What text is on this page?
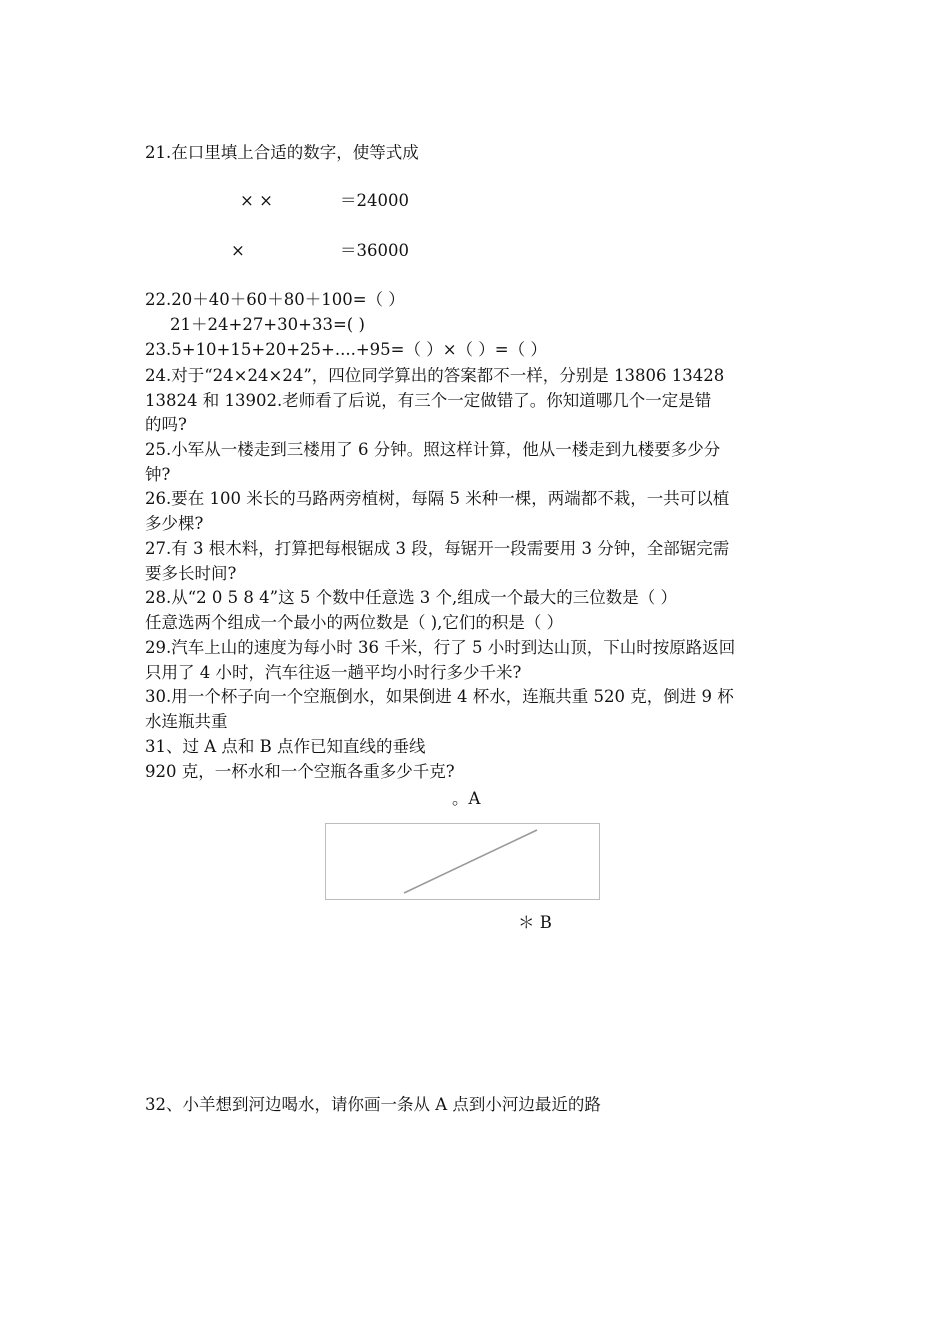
21.在口里填上合适的数字，使等式成

× ×	＝24000

×	＝36000

22.20＋40＋60＋80＋100=（ ）

21＋24+27+30+33=( )

23.5+10+15+20+25+....+95=（ ）×（ ）=（ ）

24.对于“24×24×24”，四位同学算出的答案都不一样，分别是 13806 13428

13824 和 13902.老师看了后说，有三个一定做错了。你知道哪几个一定是错

的吗?

25.小军从一楼走到三楼用了 6 分钟。照这样计算，他从一楼走到九楼要多少分

钟?

26.要在 100 米长的马路两旁植树，每隔 5 米种一棵，两端都不栽，一共可以植

多少棵?

27.有 3 根木料，打算把每根锯成 3 段，每锯开一段需要用 3 分钟，全部锯完需

要多长时间?

28.从“2 0 5 8 4”这 5 个数中任意选 3 个,组成一个最大的三位数是（ ）

任意选两个组成一个最小的两位数是（ ),它们的积是（ ）

29.汽车上山的速度为每小时 36 千米，行了 5 小时到达山顶，下山时按原路返回

只用了 4 小时，汽车往返一趟平均小时行多少千米?

30.用一个杯子向一个空瓶倒水，如果倒进 4 杯水，连瓶共重 520 克，倒进 9 杯

水连瓶共重

31、过 A 点和 B 点作已知直线的垂线

920 克，一杯水和一个空瓶各重多少千克?

。A

＊ B

32、小羊想到河边喝水，请你画一条从 A 点到小河边最近的路
